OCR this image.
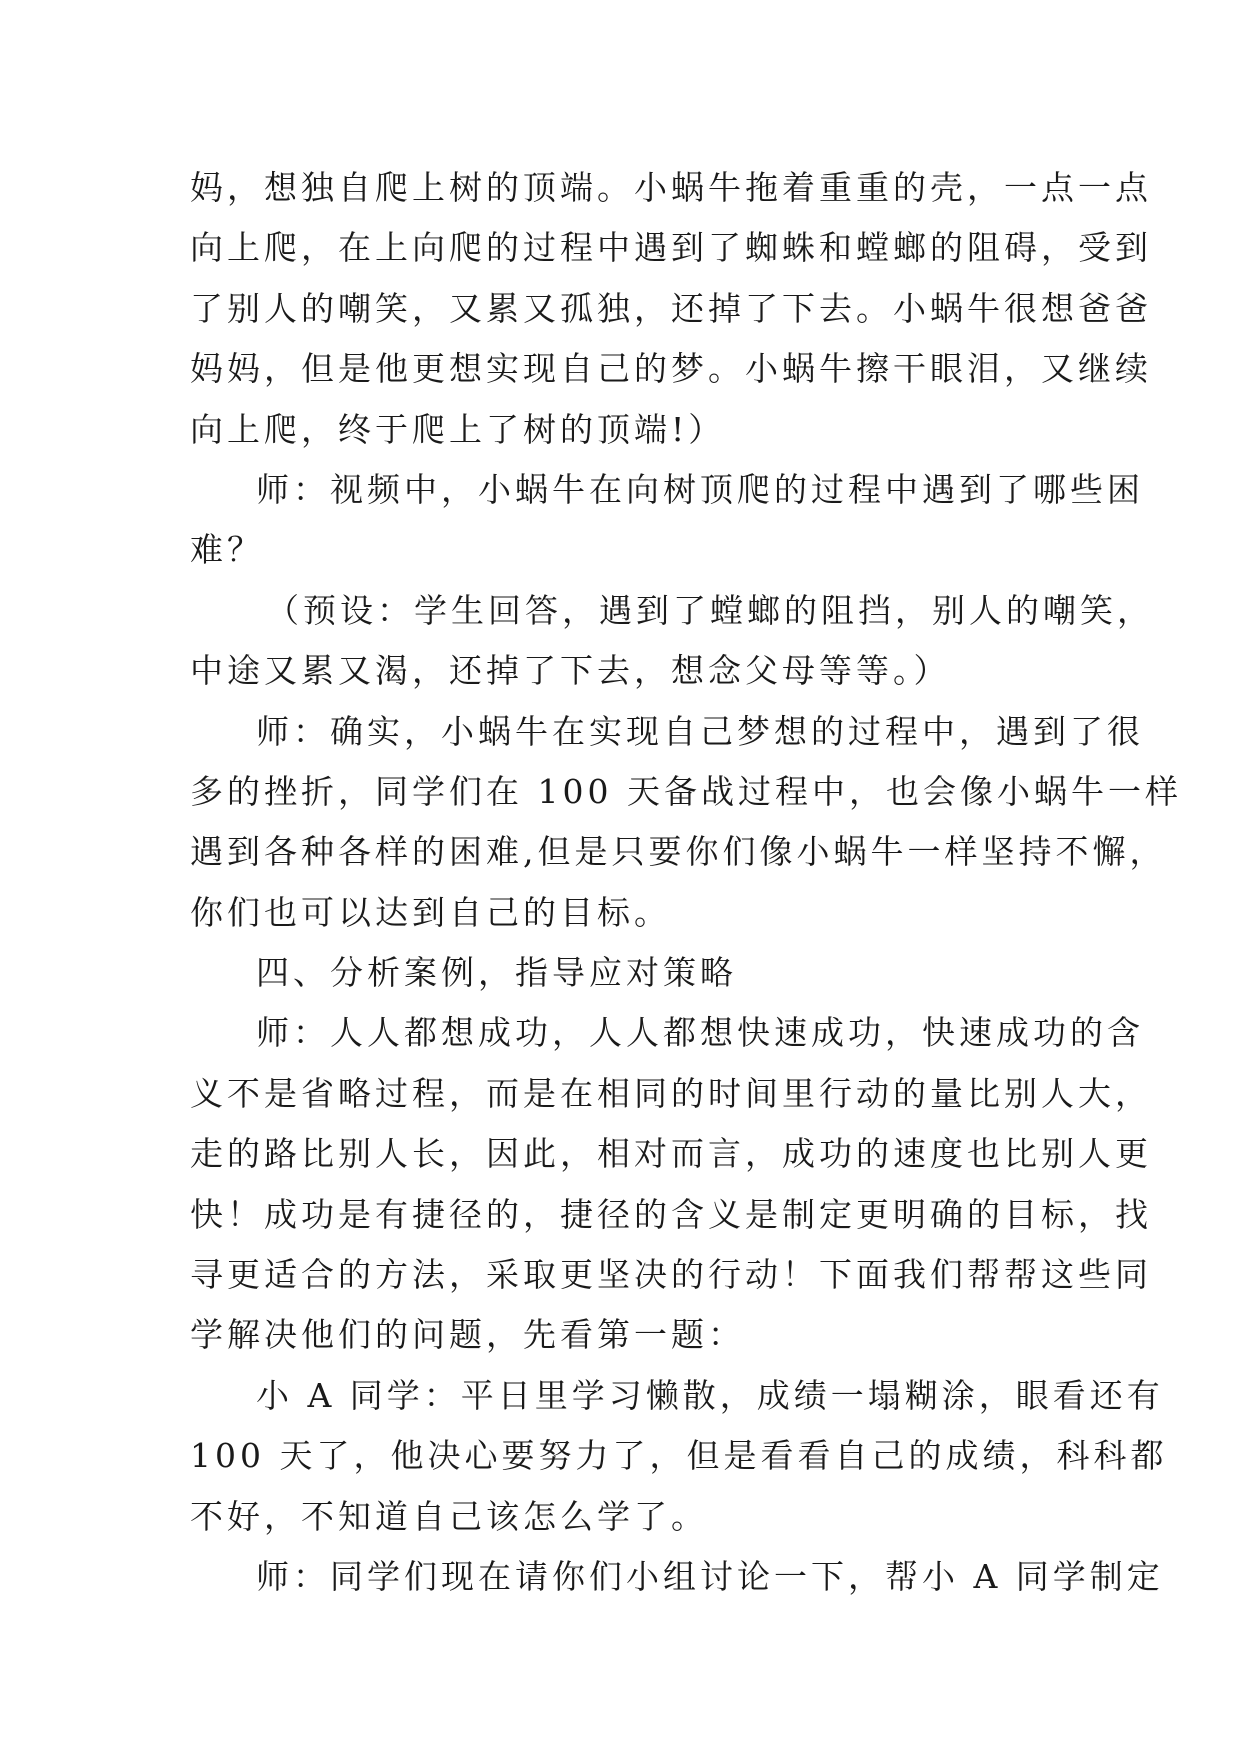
妈，想独自爬上树的顶端。小蜗牛拖着重重的壳，一点一点
向上爬，在上向爬的过程中遇到了蜘蛛和螳螂的阻碍，受到
了别人的嘲笑，又累又孤独，还掉了下去。小蜗牛很想爸爸
妈妈，但是他更想实现自己的梦。小蜗牛擦干眼泪，又继续
向上爬，终于爬上了树的顶端!）
师：视频中，小蜗牛在向树顶爬的过程中遇到了哪些困
难？
（预设：学生回答，遇到了螳螂的阻挡，别人的嘲笑，
中途又累又渴，还掉了下去，想念父母等等。）
师：确实，小蜗牛在实现自己梦想的过程中，遇到了很
多的挫折，同学们在 100 天备战过程中，也会像小蜗牛一样
遇到各种各样的困难,但是只要你们像小蜗牛一样坚持不懈，
你们也可以达到自己的目标。
四、分析案例，指导应对策略
师：人人都想成功，人人都想快速成功，快速成功的含
义不是省略过程，而是在相同的时间里行动的量比别人大，
走的路比别人长，因此，相对而言，成功的速度也比别人更
快！成功是有捷径的，捷径的含义是制定更明确的目标，找
寻更适合的方法，采取更坚决的行动！下面我们帮帮这些同
学解决他们的问题，先看第一题：
小 A 同学：平日里学习懒散，成绩一塌糊涂，眼看还有
100 天了，他决心要努力了，但是看看自己的成绩，科科都
不好，不知道自己该怎么学了。
师：同学们现在请你们小组讨论一下，帮小 A 同学制定
